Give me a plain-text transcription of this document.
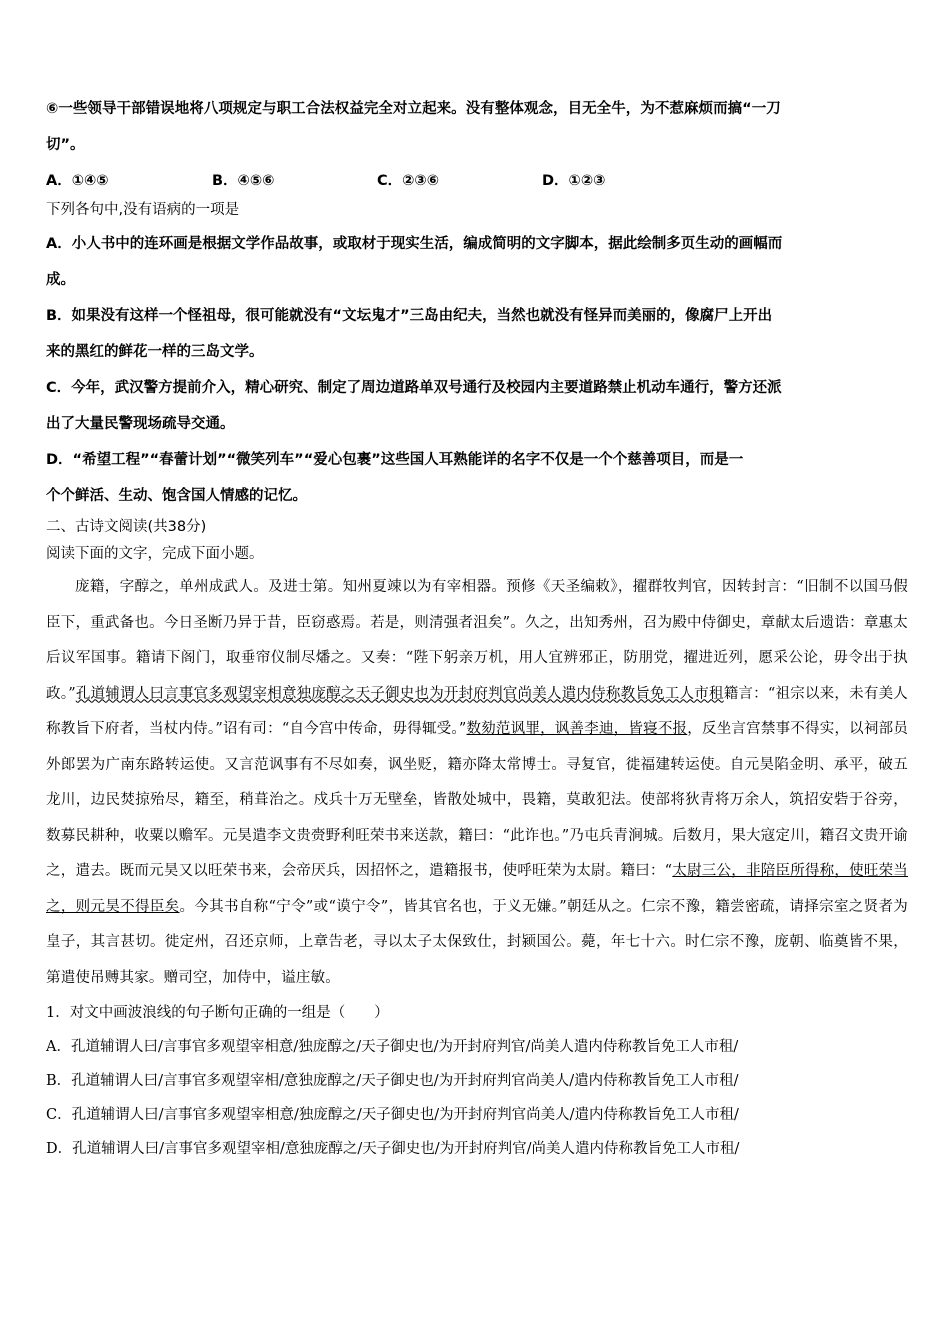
⑥一些领导干部错误地将八项规定与职工合法权益完全对立起来。没有整体观念，目无全牛，为不惹麻烦而搞“一刀
切”。
A．①④⑤	B．④⑤⑥	C．②③⑥	D．①②③
下列各句中,没有语病的一项是
A．小人书中的连环画是根据文学作品故事，或取材于现实生活，编成简明的文字脚本，据此绘制多页生动的画幅而
成。
B．如果没有这样一个怪祖母，很可能就没有“文坛鬼才”三岛由纪夫，当然也就没有怪异而美丽的，像腐尸上开出
来的黑红的鲜花一样的三岛文学。
C．今年，武汉警方提前介入，精心研究、制定了周边道路单双号通行及校园内主要道路禁止机动车通行，警方还派
出了大量民警现场疏导交通。
D．“希望工程”“春蕾计划”“微笑列车”“爱心包裹”这些国人耳熟能详的名字不仅是一个个慈善项目，而是一
个个鲜活、生动、饱含国人情感的记忆。
二、古诗文阅读(共38分)
阅读下面的文字，完成下面小题。
庞籍，字醇之，单州成武人。及进士第。知州夏竦以为有宰相器。预修《天圣编敕》，擢群牧判官，因转封言：“旧制不以国马假臣下，重武备也。今日圣断乃异于昔，臣窃惑焉。若是，则清强者沮矣”。久之，出知秀州，召为殿中侍御史，章献太后遗诰：章惠太后议军国事。籍请下阁门，取垂帘仪制尽燔之。又奏：“陛下躬亲万机，用人宜辨邪正，防朋党，擢进近列，愿采公论，毋令出于执政。”孔道辅谓人曰言事官多观望宰相意独庞醇之天子御史也为开封府判官尚美人遣内侍称教旨免工人市租籍言：“祖宗以来，未有美人称教旨下府者，当杖内侍。”诏有司：“自今宫中传命，毋得辄受。”数劾范讽罪，讽善李迪，皆寝不报，反坐言宫禁事不得实，以祠部员外郎罢为广南东路转运使。又言范讽事有不尽如奏，讽坐贬，籍亦降太常博士。寻复官，徙福建转运使。自元昊陷金明、承平，破五龙川，边民焚掠殆尽，籍至，稍葺治之。戍兵十万无壁垒，皆散处城中，畏籍，莫敢犯法。使部将狄青将万余人，筑招安砦于谷旁，数募民耕种，收粟以赡军。元昊遣李文贵赍野利旺荣书来送款，籍曰：“此诈也。”乃屯兵青涧城。后数月，果大寇定川，籍召文贵开谕之，遣去。既而元昊又以旺荣书来，会帝厌兵，因招怀之，遣籍报书，使呼旺荣为太尉。籍曰：“太尉三公，非陪臣所得称，使旺荣当之，则元昊不得臣矣。今其书自称“宁令”或“谟宁令”，皆其官名也，于义无嫌。”朝廷从之。仁宗不豫，籍尝密疏，请择宗室之贤者为皇子，其言甚切。徙定州，召还京师，上章告老，寻以太子太保致仕，封颍国公。薨，年七十六。时仁宗不豫，庞朝、临奠皆不果，第遣使吊赙其家。赠司空，加侍中，谥庄敏。
1．对文中画波浪线的句子断句正确的一组是（　　）
A．孔道辅谓人曰/言事官多观望宰相意/独庞醇之/天子御史也/为开封府判官/尚美人遣内侍称教旨免工人市租/
B．孔道辅谓人曰/言事官多观望宰相/意独庞醇之/天子御史也/为开封府判官尚美人/遣内侍称教旨免工人市租/
C．孔道辅谓人曰/言事官多观望宰相意/独庞醇之/天子御史也/为开封府判官尚美人/遣内侍称教旨免工人市租/
D．孔道辅谓人曰/言事官多观望宰相/意独庞醇之/天子御史也/为开封府判官/尚美人遣内侍称教旨免工人市租/
